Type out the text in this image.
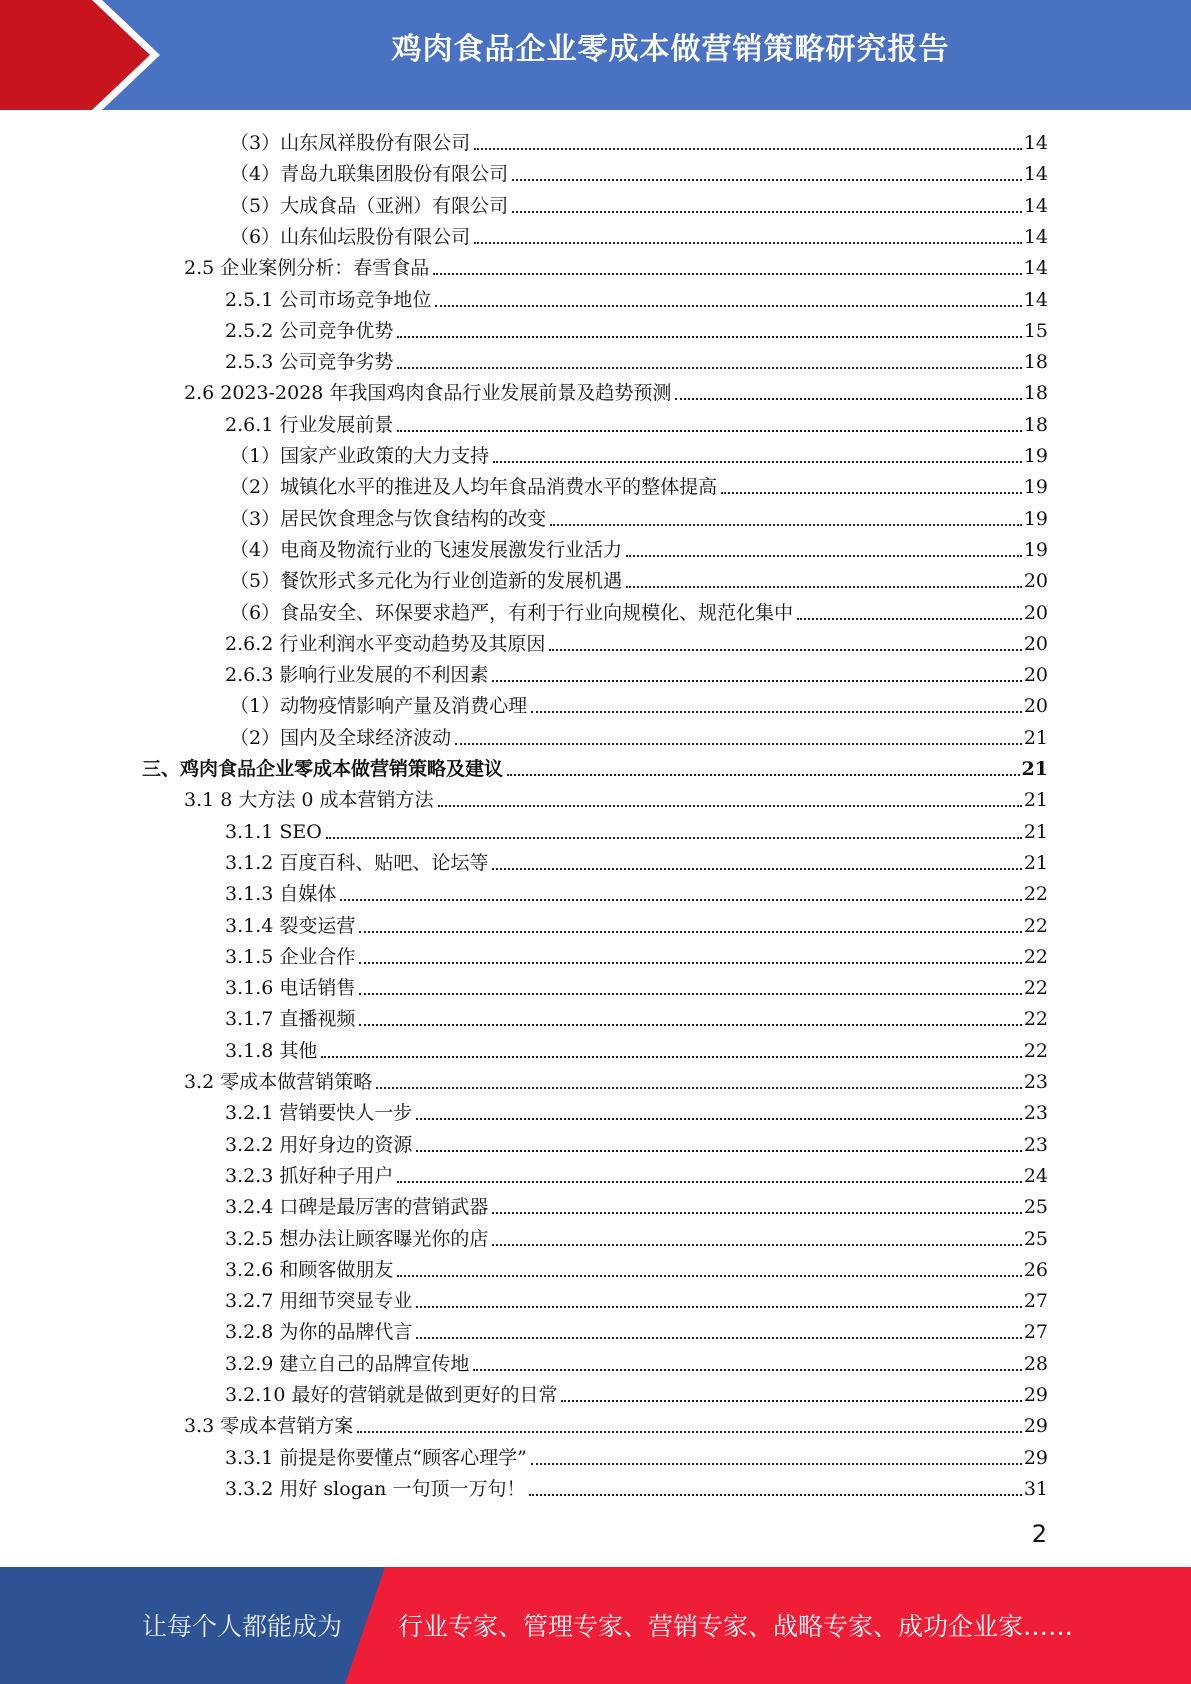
鸡肉食品企业零成本做营销策略研究报告
（3）山东凤祥股份有限公司	14
（4）青岛九联集团股份有限公司	14
（5）大成食品（亚洲）有限公司	14
（6）山东仙坛股份有限公司	14
2.5 企业案例分析：春雪食品	14
2.5.1 公司市场竞争地位	14
2.5.2 公司竞争优势	15
2.5.3 公司竞争劣势	18
2.6 2023-2028 年我国鸡肉食品行业发展前景及趋势预测	18
2.6.1 行业发展前景	18
（1）国家产业政策的大力支持	19
（2）城镇化水平的推进及人均年食品消费水平的整体提高	19
（3）居民饮食理念与饮食结构的改变	19
（4）电商及物流行业的飞速发展激发行业活力	19
（5）餐饮形式多元化为行业创造新的发展机遇	20
（6）食品安全、环保要求趋严，有利于行业向规模化、规范化集中	20
2.6.2 行业利润水平变动趋势及其原因	20
2.6.3 影响行业发展的不利因素	20
（1）动物疫情影响产量及消费心理	20
（2）国内及全球经济波动	21
三、鸡肉食品企业零成本做营销策略及建议	21
3.1 8 大方法 0 成本营销方法	21
3.1.1 SEO	21
3.1.2 百度百科、贴吧、论坛等	21
3.1.3 自媒体	22
3.1.4 裂变运营	22
3.1.5 企业合作	22
3.1.6 电话销售	22
3.1.7 直播视频	22
3.1.8 其他	22
3.2 零成本做营销策略	23
3.2.1 营销要快人一步	23
3.2.2 用好身边的资源	23
3.2.3 抓好种子用户	24
3.2.4 口碑是最厉害的营销武器	25
3.2.5 想办法让顾客曝光你的店	25
3.2.6 和顾客做朋友	26
3.2.7 用细节突显专业	27
3.2.8 为你的品牌代言	27
3.2.9 建立自己的品牌宣传地	28
3.2.10 最好的营销就是做到更好的日常	29
3.3 零成本营销方案	29
3.3.1 前提是你要懂点“顾客心理学”	29
3.3.2 用好 slogan 一句顶一万句！	31
2
让每个人都能成为 行业专家、管理专家、营销专家、战略专家、成功企业家……
